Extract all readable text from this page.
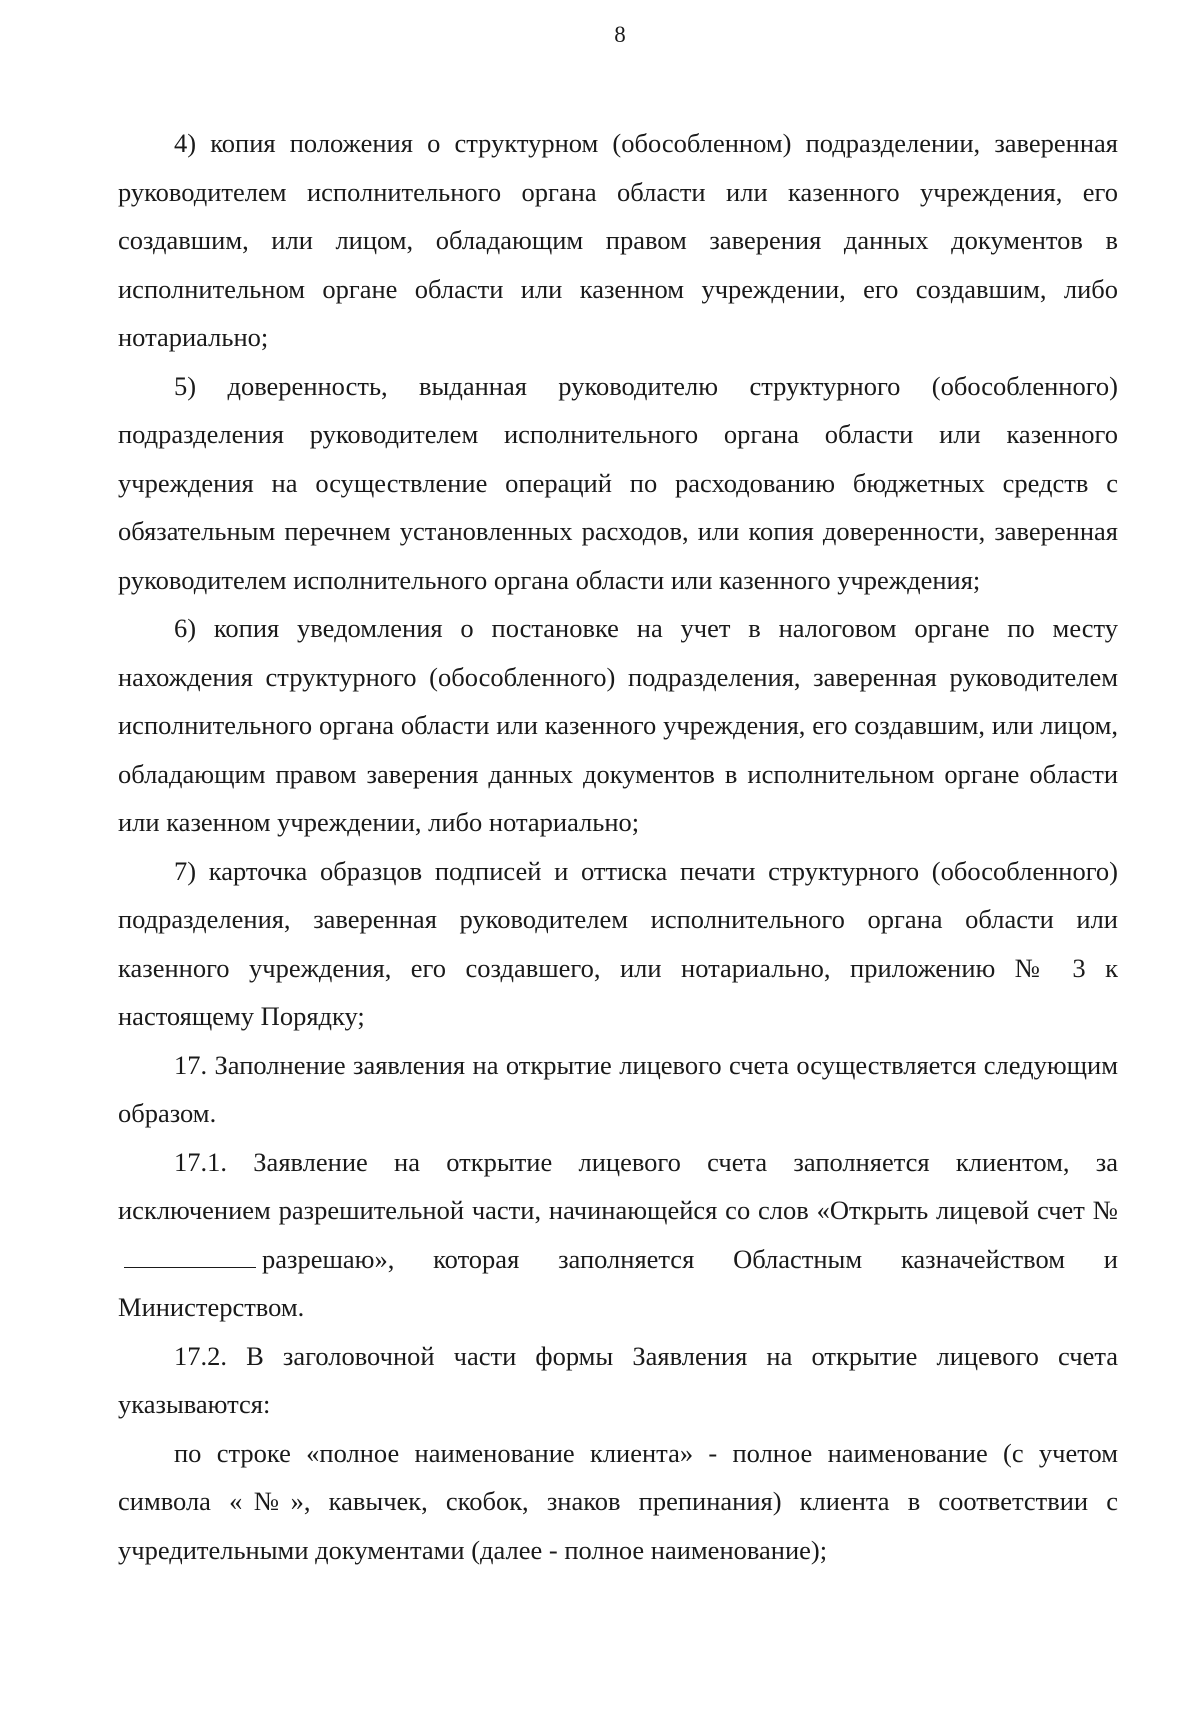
8

4) копия положения о структурном (обособленном) подразделении, заверенная руководителем исполнительного органа области или казенного учреждения, его создавшим, или лицом, обладающим правом заверения данных документов в исполнительном органе области или казенном учреждении, его создавшим, либо нотариально;

5) доверенность, выданная руководителю структурного (обособленного) подразделения руководителем исполнительного органа области или казенного учреждения на осуществление операций по расходованию бюджетных средств с обязательным перечнем установленных расходов, или копия доверенности, заверенная руководителем исполнительного органа области или казенного учреждения;

6) копия уведомления о постановке на учет в налоговом органе по месту нахождения структурного (обособленного) подразделения, заверенная руководителем исполнительного органа области или казенного учреждения, его создавшим, или лицом, обладающим правом заверения данных документов в исполнительном органе области или казенном учреждении, либо нотариально;

7) карточка образцов подписей и оттиска печати структурного (обособленного) подразделения, заверенная руководителем исполнительного органа области или казенного учреждения, его создавшего, или нотариально, приложению № 3 к настоящему Порядку;

17. Заполнение заявления на открытие лицевого счета осуществляется следующим образом.

17.1. Заявление на открытие лицевого счета заполняется клиентом, за исключением разрешительной части, начинающейся со слов «Открыть лицевой счет №разрешаю», которая заполняется Областным казначейством и Министерством.

17.2. В заголовочной части формы Заявления на открытие лицевого счета указываются:

по строке «полное наименование клиента» - полное наименование (с учетом символа «№», кавычек, скобок, знаков препинания) клиента в соответствии с учредительными документами (далее - полное наименование);
